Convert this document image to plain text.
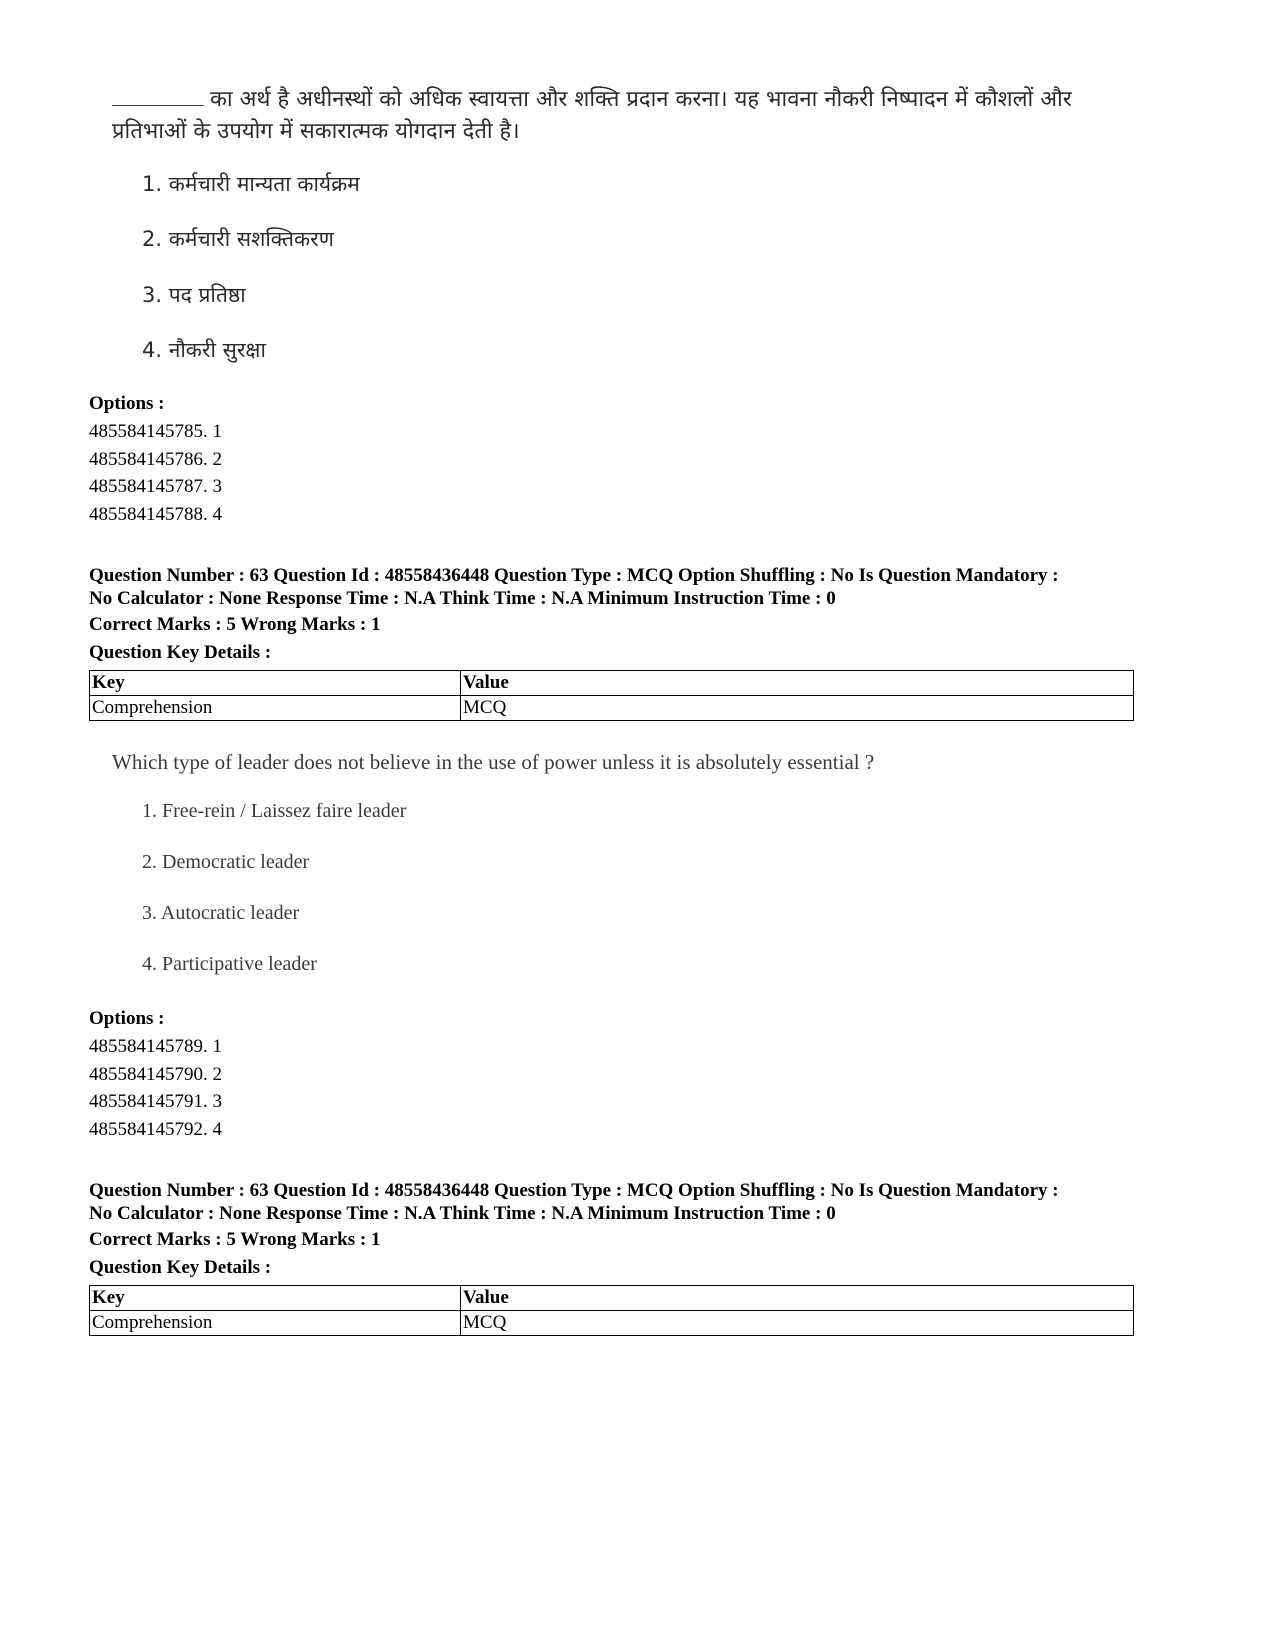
का अर्थ है अधीनस्थों को अधिक स्वायत्ता और शक्ति प्रदान करना। यह भावना नौकरी निष्पादन में कौशलों और प्रतिभाओं के उपयोग में सकारात्मक योगदान देती है।

1. कर्मचारी मान्यता कार्यक्रम

2. कर्मचारी सशक्तिकरण

3. पद प्रतिष्ठा

4. नौकरी सुरक्षा

Options :

485584145785. 1
485584145786. 2
485584145787. 3
485584145788. 4

Question Number : 63 Question Id : 48558436448 Question Type : MCQ Option Shuffling : No Is Question Mandatory :
No Calculator : None Response Time : N.A Think Time : N.A Minimum Instruction Time : 0

Correct Marks : 5 Wrong Marks : 1

Question Key Details :

Key	Value
Comprehension	MCQ

Which type of leader does not believe in the use of power unless it is absolutely essential ?

1. Free-rein / Laissez faire leader

2. Democratic leader

3. Autocratic leader

4. Participative leader

Options :

485584145789. 1
485584145790. 2
485584145791. 3
485584145792. 4

Question Number : 63 Question Id : 48558436448 Question Type : MCQ Option Shuffling : No Is Question Mandatory :
No Calculator : None Response Time : N.A Think Time : N.A Minimum Instruction Time : 0

Correct Marks : 5 Wrong Marks : 1

Question Key Details :

Key	Value
Comprehension	MCQ
